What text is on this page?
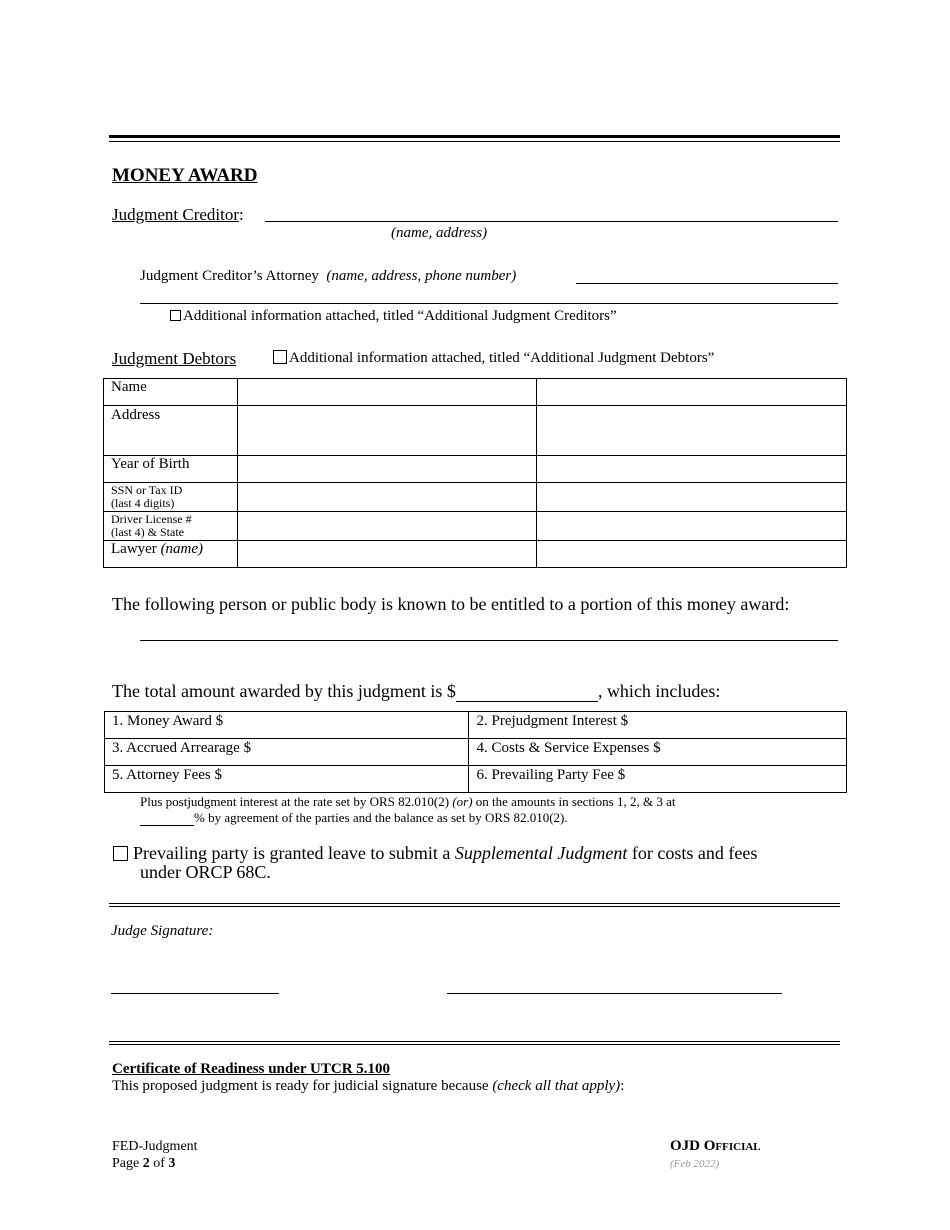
MONEY AWARD
Judgment Creditor:
(name, address)
Judgment Creditor’s Attorney (name, address, phone number)
Additional information attached, titled “Additional Judgment Creditors”
Judgment Debtors	Additional information attached, titled “Additional Judgment Debtors”
Name		
Address		
Year of Birth		

SSN or Tax ID
(last 4 digits)		

Driver License #
(last 4) & State		

Lawyer (name)		
The following person or public body is known to be entitled to a portion of this money award:
The total amount awarded by this judgment is $	, which includes:
1. Money Award $	2. Prejudgment Interest $
3. Accrued Arrearage $	4. Costs & Service Expenses $
5. Attorney Fees $	6. Prevailing Party Fee $
Plus postjudgment interest at the rate set by ORS 82.010(2) (or) on the amounts in sections 1, 2, & 3 at
% by agreement of the parties and the balance as set by ORS 82.010(2).
Prevailing party is granted leave to submit a Supplemental Judgment for costs and fees
under ORCP 68C.
Judge Signature:
Certificate of Readiness under UTCR 5.100
This proposed judgment is ready for judicial signature because (check all that apply):
FED-Judgment
Page 2 of 3
OJD OFFICIAL
(Feb 2022)
